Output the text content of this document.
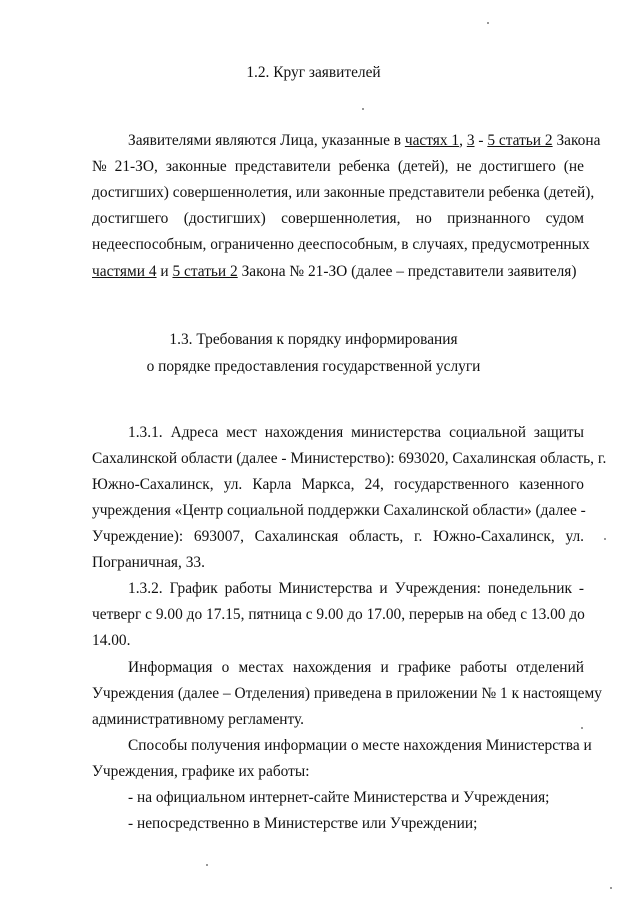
1.2. Круг заявителей
Заявителями являются Лица, указанные в частях 1, 3 - 5 статьи 2 Закона
№ 21-ЗО, законные представители ребенка (детей), не достигшего (не
достигших) совершеннолетия, или законные представители ребенка (детей),
достигшего (достигших) совершеннолетия, но признанного судом
недееспособным, ограниченно дееспособным, в случаях, предусмотренных
частями 4 и 5 статьи 2 Закона № 21-ЗО (далее – представители заявителя)
1.3. Требования к порядку информирования
о порядке предоставления государственной услуги
1.3.1. Адреса мест нахождения министерства социальной защиты
Сахалинской области (далее - Министерство): 693020, Сахалинская область, г.
Южно-Сахалинск, ул. Карла Маркса, 24, государственного казенного
учреждения «Центр социальной поддержки Сахалинской области» (далее -
Учреждение): 693007, Сахалинская область, г. Южно-Сахалинск, ул.
Пограничная, 33.
1.3.2. График работы Министерства и Учреждения: понедельник -
четверг с 9.00 до 17.15, пятница с 9.00 до 17.00, перерыв на обед с 13.00 до
14.00.
Информация о местах нахождения и графике работы отделений
Учреждения (далее – Отделения) приведена в приложении № 1 к настоящему
административному регламенту.
Способы получения информации о месте нахождения Министерства и
Учреждения, графике их работы:
- на официальном интернет-сайте Министерства и Учреждения;
- непосредственно в Министерстве или Учреждении;
